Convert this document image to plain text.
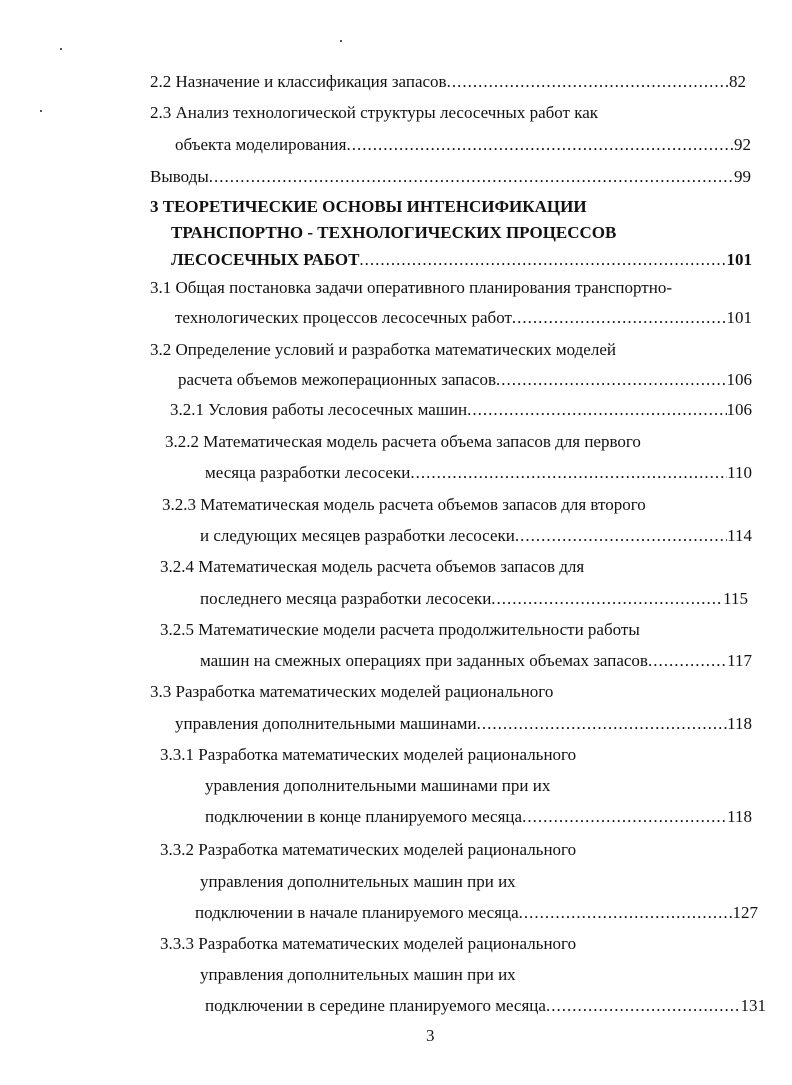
2.2 Назначение и классификация запасов .....	82
2.3 Анализ технологической структуры лесосечных работ как
объекта моделирования .....	92
Выводы .....	99
3 ТЕОРЕТИЧЕСКИЕ ОСНОВЫ ИНТЕНСИФИКАЦИИ
ТРАНСПОРТНО - ТЕХНОЛОГИЧЕСКИХ ПРОЦЕССОВ
ЛЕСОСЕЧНЫХ РАБОТ .....	101
3.1 Общая постановка задачи оперативного планирования транспортно-
технологических процессов лесосечных работ .....	101
3.2 Определение условий и разработка математических моделей
расчета объемов межоперационных запасов .....	106
3.2.1 Условия работы лесосечных машин .....	106
3.2.2 Математическая модель расчета объема запасов для первого
месяца разработки лесосеки .....	110
3.2.3 Математическая модель расчета объемов запасов для второго
и следующих месяцев разработки лесосеки .....	114
3.2.4 Математическая модель расчета объемов запасов для
последнего месяца разработки лесосеки .....	115
3.2.5 Математические модели расчета продолжительности работы
машин на смежных операциях при заданных объемах запасов .....	117
3.3 Разработка математических моделей рационального
управления дополнительными машинами .....	118
3.3.1 Разработка математических моделей рационального
уравления дополнительными машинами при их
подключении в конце планируемого месяца .....	118
3.3.2 Разработка математических моделей рационального
управления дополнительных машин при их
подключении в начале планируемого месяца .....	127
3.3.3 Разработка математических моделей рационального
управления дополнительных машин при их
подключении в середине планируемого месяца .....	131
3
